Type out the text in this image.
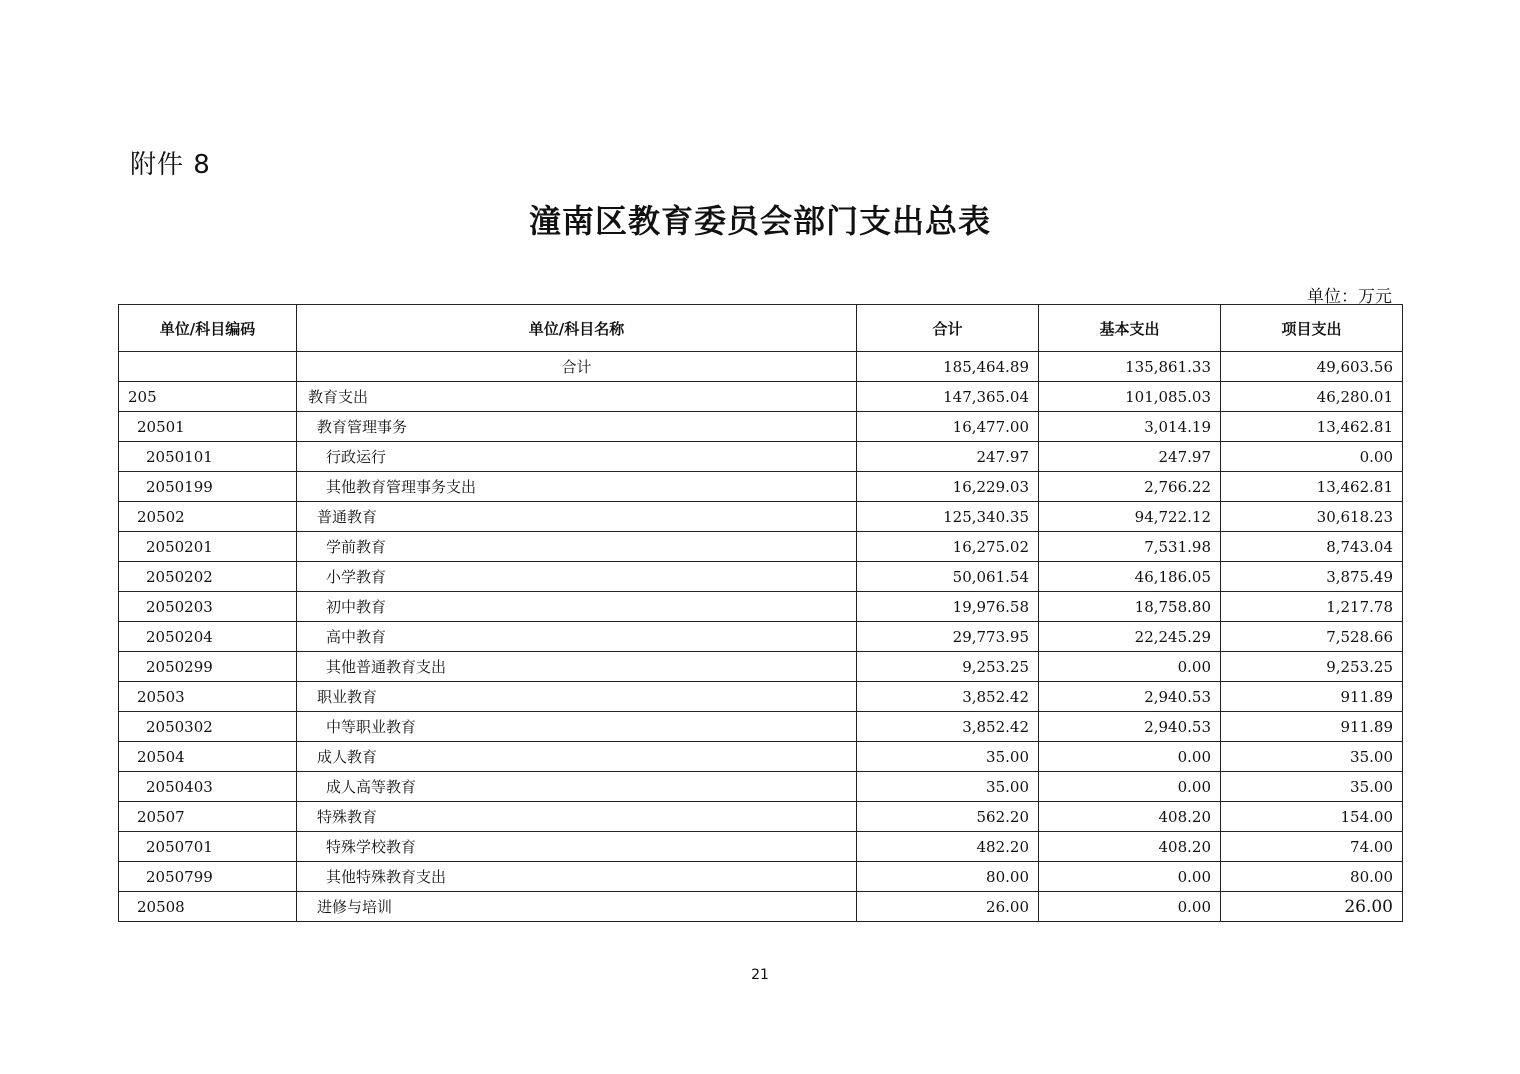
附件 8
潼南区教育委员会部门支出总表
单位：万元
单位/科目编码	单位/科目名称	合计	基本支出	项目支出
	合计	185,464.89	135,861.33	49,603.56
205	教育支出	147,365.04	101,085.03	46,280.01
20501	教育管理事务	16,477.00	3,014.19	13,462.81
2050101	行政运行	247.97	247.97	0.00
2050199	其他教育管理事务支出	16,229.03	2,766.22	13,462.81
20502	普通教育	125,340.35	94,722.12	30,618.23
2050201	学前教育	16,275.02	7,531.98	8,743.04
2050202	小学教育	50,061.54	46,186.05	3,875.49
2050203	初中教育	19,976.58	18,758.80	1,217.78
2050204	高中教育	29,773.95	22,245.29	7,528.66
2050299	其他普通教育支出	9,253.25	0.00	9,253.25
20503	职业教育	3,852.42	2,940.53	911.89
2050302	中等职业教育	3,852.42	2,940.53	911.89
20504	成人教育	35.00	0.00	35.00
2050403	成人高等教育	35.00	0.00	35.00
20507	特殊教育	562.20	408.20	154.00
2050701	特殊学校教育	482.20	408.20	74.00
2050799	其他特殊教育支出	80.00	0.00	80.00
20508	进修与培训	26.00	0.00	26.00
21
